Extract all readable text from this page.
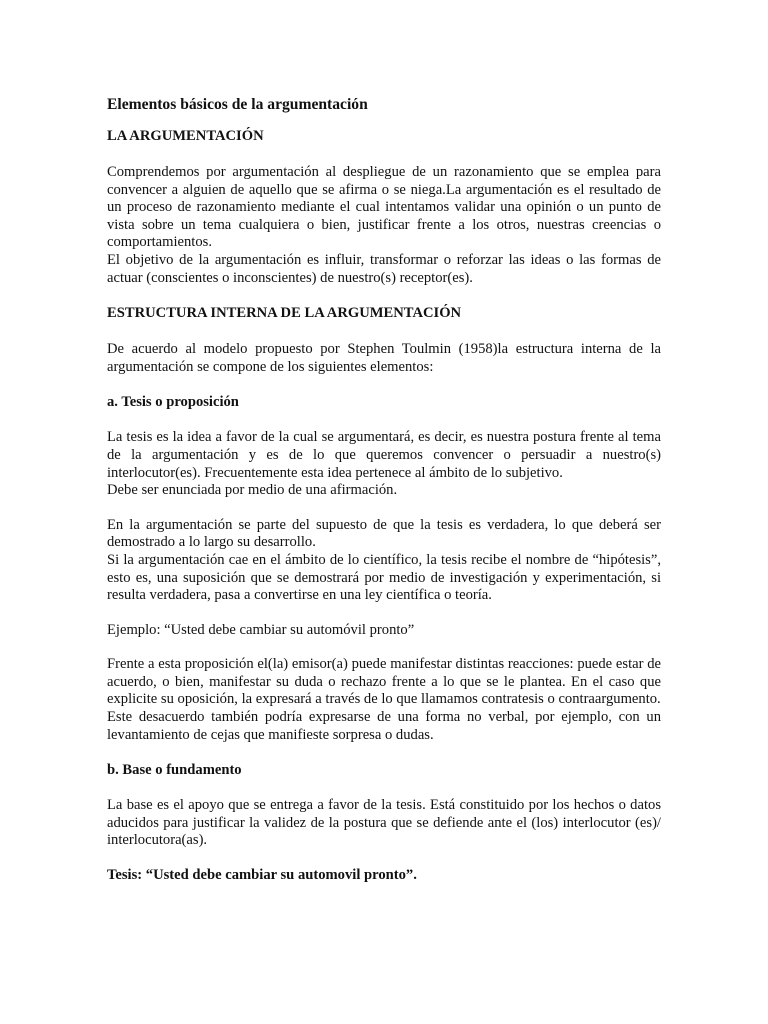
Elementos básicos de la argumentación
LA ARGUMENTACIÓN

Comprendemos por argumentación al despliegue de un razonamiento que se emplea para convencer a alguien de aquello que se afirma o se niega.La argumentación es el resultado de un proceso de razonamiento mediante el cual intentamos validar una opinión o un punto de vista sobre un tema cualquiera o bien, justificar frente a los otros, nuestras creencias o comportamientos.

El objetivo de la argumentación es influir, transformar o reforzar las ideas o las formas de actuar (conscientes o inconscientes) de nuestro(s) receptor(es).

ESTRUCTURA INTERNA DE LA ARGUMENTACIÓN

De acuerdo al modelo propuesto por Stephen Toulmin (1958)la estructura interna de la argumentación se compone de los siguientes elementos:

a. Tesis o proposición

La tesis es la idea a favor de la cual se argumentará, es decir, es nuestra postura frente al tema de la argumentación y es de lo que queremos convencer o persuadir a nuestro(s) interlocutor(es). Frecuentemente esta idea pertenece al ámbito de lo subjetivo.

Debe ser enunciada por medio de una afirmación.

En la argumentación se parte del supuesto de que la tesis es verdadera, lo que deberá ser demostrado a lo largo su desarrollo.

Si la argumentación cae en el ámbito de lo científico, la tesis recibe el nombre de “hipótesis”, esto es, una suposición que se demostrará por medio de investigación y experimentación, si resulta verdadera, pasa a convertirse en una ley científica o teoría.

Ejemplo: “Usted debe cambiar su automóvil pronto”

Frente a esta proposición el(la) emisor(a) puede manifestar distintas reacciones: puede estar de acuerdo, o bien, manifestar su duda o rechazo frente a lo que se le plantea. En el caso que explicite su oposición, la expresará a través de lo que llamamos contratesis o contraargumento.

Este desacuerdo también podría expresarse de una forma no verbal, por ejemplo, con un levantamiento de cejas que manifieste sorpresa o dudas.

b. Base o fundamento

La base es el apoyo que se entrega a favor de la tesis. Está constituido por los hechos o datos aducidos para justificar la validez de la postura que se defiende ante el (los) interlocutor (es)/ interlocutora(as).

Tesis: “Usted debe cambiar su automovil pronto”.
